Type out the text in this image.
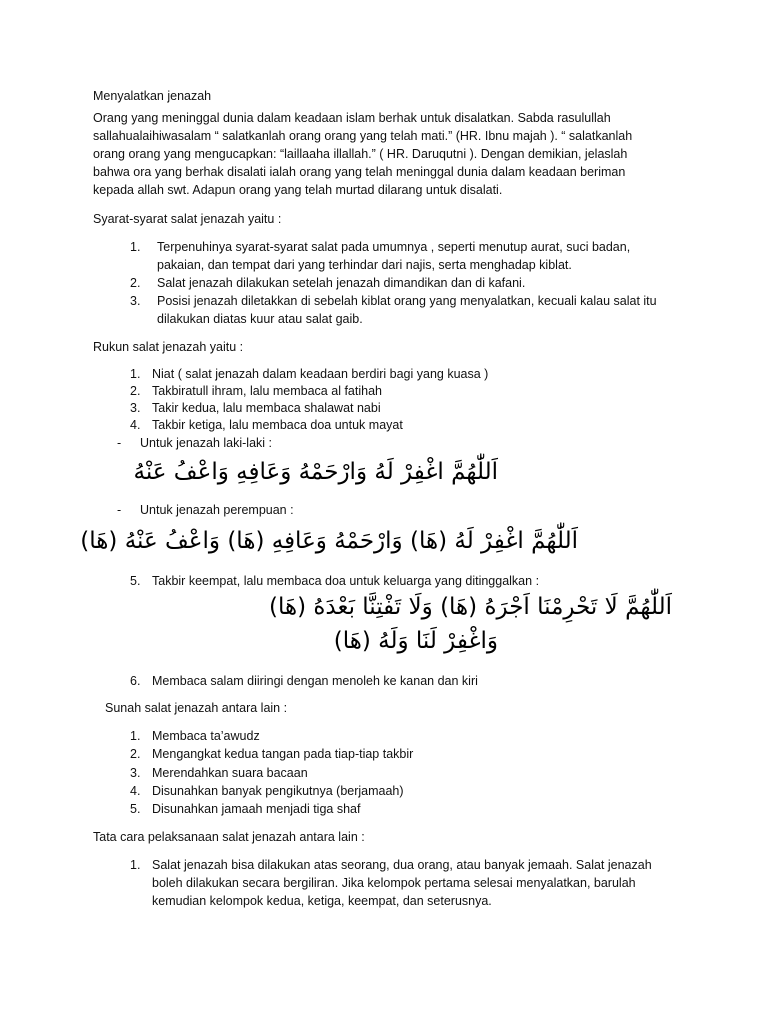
Menyalatkan jenazah

Orang yang meninggal dunia dalam keadaan islam berhak untuk disalatkan. Sabda rasulullah

sallahualaihiwasalam “ salatkanlah orang orang yang telah mati.” (HR. Ibnu majah ). “ salatkanlah

orang orang yang mengucapkan: “laillaaha illallah.” ( HR. Daruqutni ). Dengan demikian, jelaslah

bahwa ora yang berhak disalati ialah orang yang telah meninggal dunia dalam keadaan beriman

kepada allah swt. Adapun orang yang telah murtad dilarang untuk disalati.

Syarat-syarat salat jenazah yaitu :

1. Terpenuhinya syarat-syarat salat pada umumnya , seperti menutup aurat, suci badan,

pakaian, dan tempat dari yang terhindar dari najis, serta menghadap kiblat.

2. Salat jenazah dilakukan setelah jenazah dimandikan dan di kafani.

3. Posisi jenazah diletakkan di sebelah kiblat orang yang menyalatkan, kecuali kalau salat itu

dilakukan diatas kuur atau salat gaib.

Rukun salat jenazah yaitu :

1. Niat ( salat jenazah dalam keadaan berdiri bagi yang kuasa )

2. Takbiratull ihram, lalu membaca al fatihah

3. Takir kedua, lalu membaca shalawat nabi

4. Takbir ketiga, lalu membaca doa untuk mayat

- Untuk jenazah laki-laki :

اَللّٰهُمَّ اغْفِرْ لَهُ وَارْحَمْهُ وَعَافِهِ وَاعْفُ عَنْهُ

- Untuk jenazah perempuan :

اَللّٰهُمَّ اغْفِرْ لَهُ (هَا) وَارْحَمْهُ وَعَافِهِ (هَا) وَاعْفُ عَنْهُ (هَا)

5. Takbir keempat, lalu membaca doa untuk keluarga yang ditinggalkan :

اَللّٰهُمَّ لَا تَحْرِمْنَا اَجْرَهُ (هَا) وَلَا تَفْتِنَّا بَعْدَهُ (هَا)
وَاغْفِرْ لَنَا وَلَهُ (هَا)

6. Membaca salam diiringi dengan menoleh ke kanan dan kiri

Sunah salat jenazah antara lain :

1. Membaca ta’awudz

2. Mengangkat kedua tangan pada tiap-tiap takbir

3. Merendahkan suara bacaan

4. Disunahkan banyak pengikutnya (berjamaah)

5. Disunahkan jamaah menjadi tiga shaf

Tata cara pelaksanaan salat jenazah antara lain :

1. Salat jenazah bisa dilakukan atas seorang, dua orang, atau banyak jemaah. Salat jenazah

boleh dilakukan secara bergiliran. Jika kelompok pertama selesai menyalatkan, barulah

kemudian kelompok kedua, ketiga, keempat, dan seterusnya.
